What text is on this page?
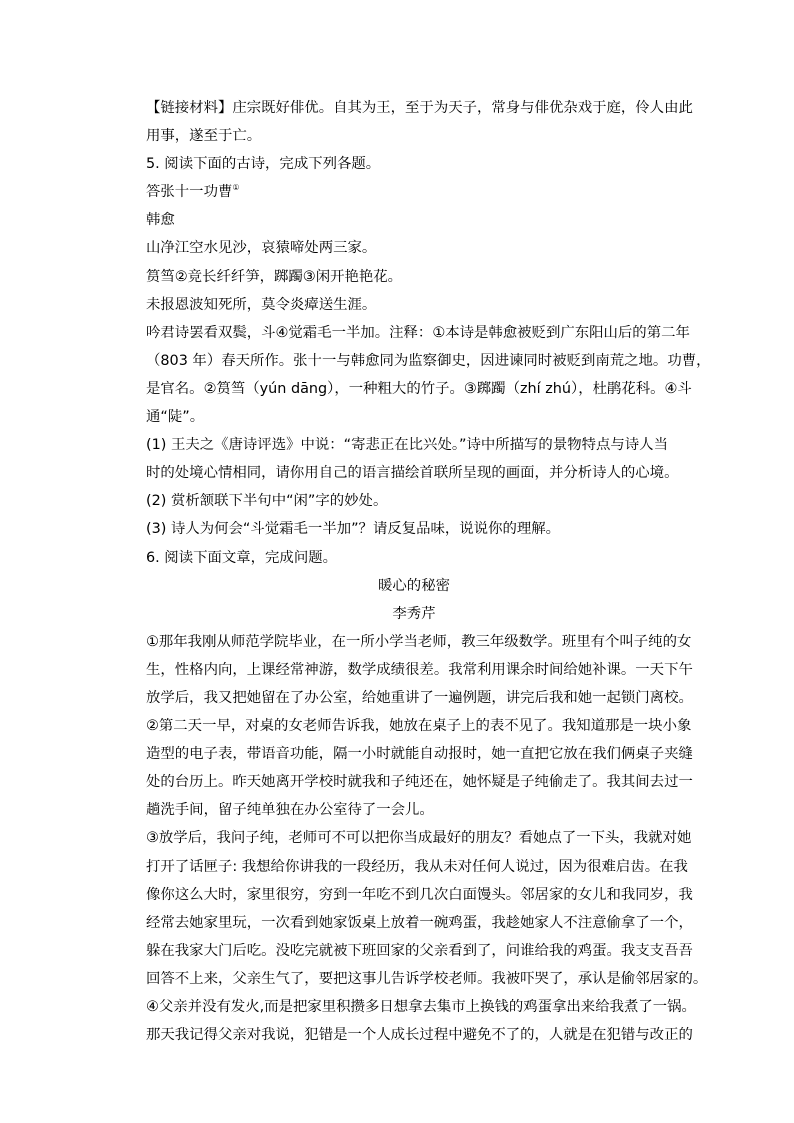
【链接材料】庄宗既好俳优。自其为王，至于为天子，常身与俳优杂戏于庭，伶人由此
用事，遂至于亡。
5. 阅读下面的古诗，完成下列各题。
答张十一功曹①
韩愈
山净江空水见沙，哀猿啼处两三家。
筼筜②竞长纤纤笋，踯躅③闲开艳艳花。
未报恩波知死所，莫令炎瘴送生涯。
吟君诗罢看双鬓，斗④觉霜毛一半加。注释：①本诗是韩愈被贬到广东阳山后的第二年
（803 年）春天所作。张十一与韩愈同为监察御史，因进谏同时被贬到南荒之地。功曹，
是官名。②筼筜（yún dāng），一种粗大的竹子。③踯躅（zhí zhú），杜鹃花科。④斗
通“陡”。
(1) 王夫之《唐诗评选》中说：“寄悲正在比兴处。”诗中所描写的景物特点与诗人当
时的处境心情相同，请你用自己的语言描绘首联所呈现的画面，并分析诗人的心境。
(2) 赏析颔联下半句中“闲”字的妙处。
(3) 诗人为何会“斗觉霜毛一半加”？请反复品味，说说你的理解。
6. 阅读下面文章，完成问题。
暖心的秘密
李秀芹
①那年我刚从师范学院毕业，在一所小学当老师，教三年级数学。班里有个叫子纯的女
生，性格内向，上课经常神游，数学成绩很差。我常利用课余时间给她补课。一天下午
放学后，我又把她留在了办公室，给她重讲了一遍例题，讲完后我和她一起锁门离校。
②第二天一早，对桌的女老师告诉我，她放在桌子上的表不见了。我知道那是一块小象
造型的电子表，带语音功能，隔一小时就能自动报时，她一直把它放在我们俩桌子夹缝
处的台历上。昨天她离开学校时就我和子纯还在，她怀疑是子纯偷走了。我其间去过一
趟洗手间，留子纯单独在办公室待了一会儿。
③放学后，我问子纯，老师可不可以把你当成最好的朋友？看她点了一下头，我就对她
打开了话匣子: 我想给你讲我的一段经历，我从未对任何人说过，因为很难启齿。在我
像你这么大时，家里很穷，穷到一年吃不到几次白面馒头。邻居家的女儿和我同岁，我
经常去她家里玩，一次看到她家饭桌上放着一碗鸡蛋，我趁她家人不注意偷拿了一个，
躲在我家大门后吃。没吃完就被下班回家的父亲看到了，问谁给我的鸡蛋。我支支吾吾
回答不上来，父亲生气了，要把这事儿告诉学校老师。我被吓哭了，承认是偷邻居家的。
④父亲并没有发火,而是把家里积攒多日想拿去集市上换钱的鸡蛋拿出来给我煮了一锅。
那天我记得父亲对我说，犯错是一个人成长过程中避免不了的，人就是在犯错与改正的
